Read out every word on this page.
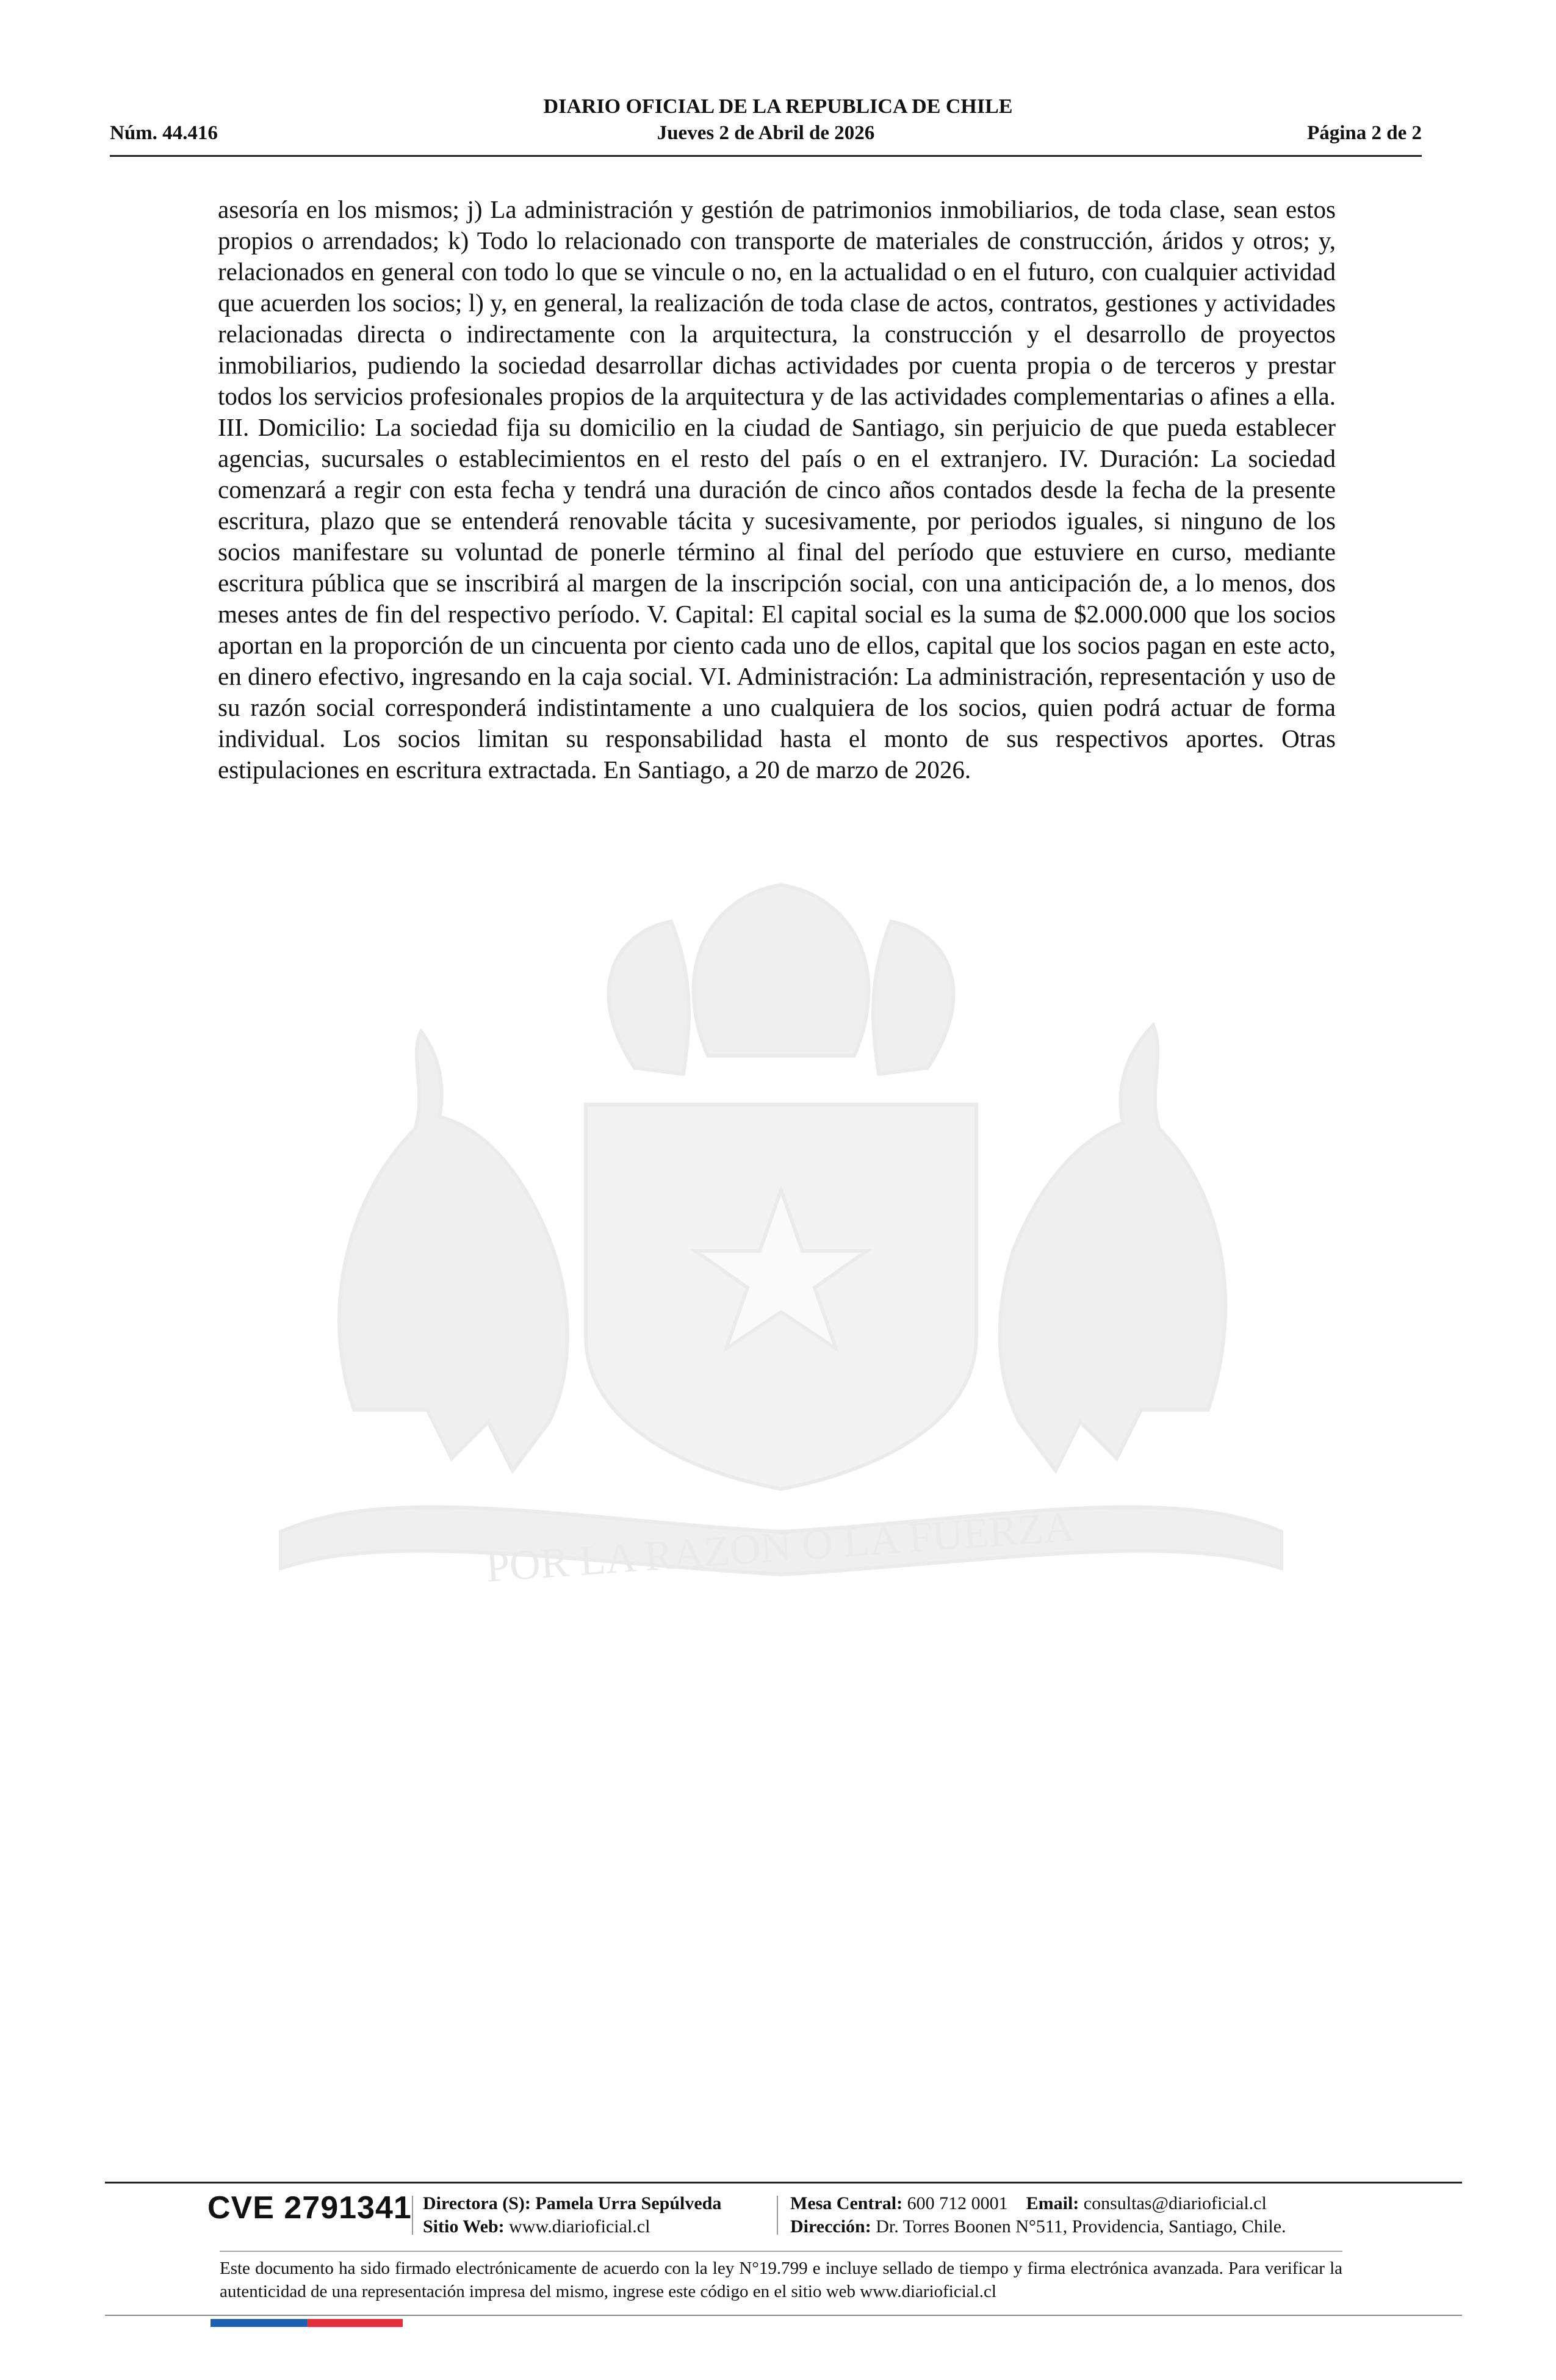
DIARIO OFICIAL DE LA REPUBLICA DE CHILE
Jueves 2 de Abril de 2026
Núm. 44.416	Página 2 de 2
asesoría en los mismos; j) La administración y gestión de patrimonios inmobiliarios, de toda clase, sean estos propios o arrendados; k) Todo lo relacionado con transporte de materiales de construcción, áridos y otros; y, relacionados en general con todo lo que se vincule o no, en la actualidad o en el futuro, con cualquier actividad que acuerden los socios; l) y, en general, la realización de toda clase de actos, contratos, gestiones y actividades relacionadas directa o indirectamente con la arquitectura, la construcción y el desarrollo de proyectos inmobiliarios, pudiendo la sociedad desarrollar dichas actividades por cuenta propia o de terceros y prestar todos los servicios profesionales propios de la arquitectura y de las actividades complementarias o afines a ella. III. Domicilio: La sociedad fija su domicilio en la ciudad de Santiago, sin perjuicio de que pueda establecer agencias, sucursales o establecimientos en el resto del país o en el extranjero. IV. Duración: La sociedad comenzará a regir con esta fecha y tendrá una duración de cinco años contados desde la fecha de la presente escritura, plazo que se entenderá renovable tácita y sucesivamente, por periodos iguales, si ninguno de los socios manifestare su voluntad de ponerle término al final del período que estuviere en curso, mediante escritura pública que se inscribirá al margen de la inscripción social, con una anticipación de, a lo menos, dos meses antes de fin del respectivo período. V. Capital: El capital social es la suma de $2.000.000 que los socios aportan en la proporción de un cincuenta por ciento cada uno de ellos, capital que los socios pagan en este acto, en dinero efectivo, ingresando en la caja social. VI. Administración: La administración, representación y uso de su razón social corresponderá indistintamente a uno cualquiera de los socios, quien podrá actuar de forma individual. Los socios limitan su responsabilidad hasta el monto de sus respectivos aportes. Otras estipulaciones en escritura extractada. En Santiago, a 20 de marzo de 2026.
POR LA RAZON O LA FUERZA
CVE 2791341 Directora (S): Pamela Urra Sepúlveda
Sitio Web: www.diarioficial.cl
Mesa Central: 600 712 0001 Email: consultas@diarioficial.cl
Dirección: Dr. Torres Boonen N°511, Providencia, Santiago, Chile.
Este documento ha sido firmado electrónicamente de acuerdo con la ley N°19.799 e incluye sellado de tiempo y firma electrónica avanzada. Para verificar la autenticidad de una representación impresa del mismo, ingrese este código en el sitio web www.diarioficial.cl
